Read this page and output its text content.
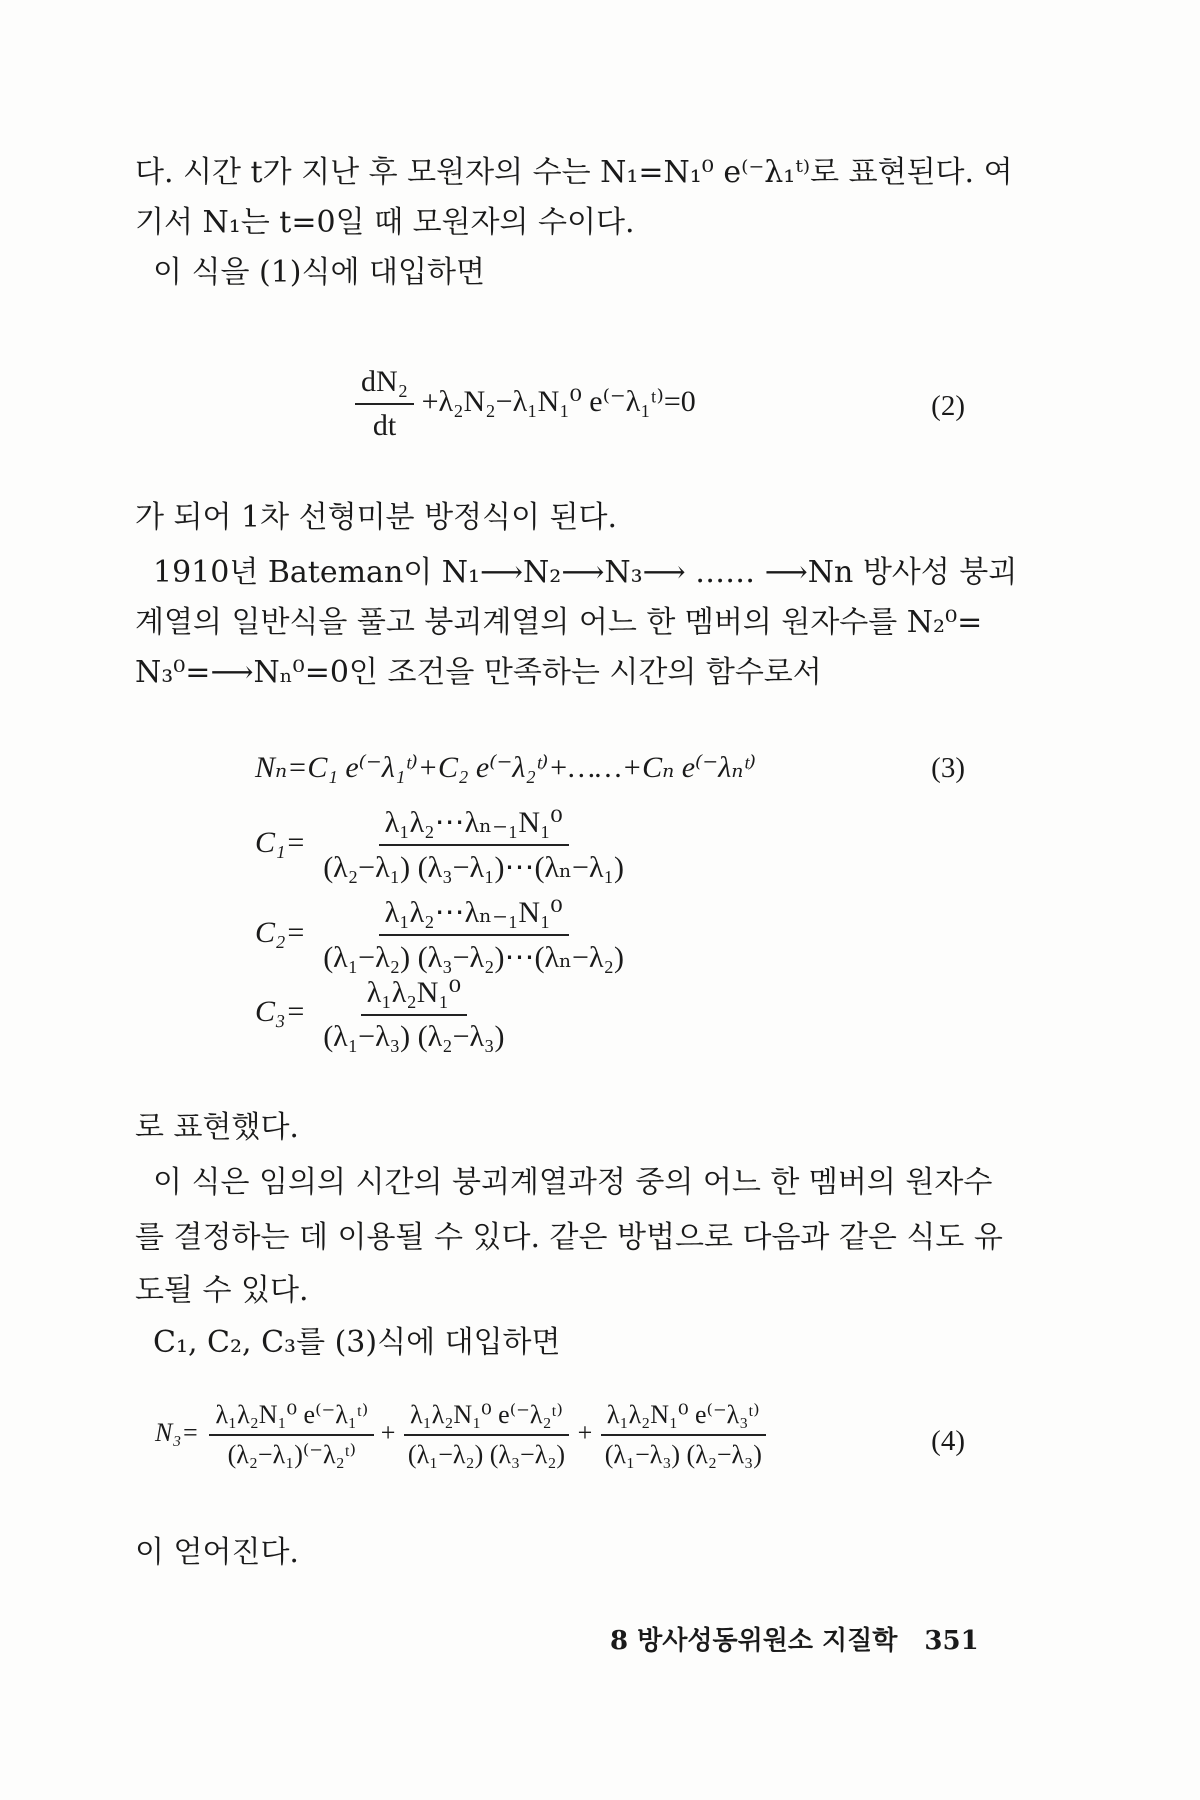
다. 시간 t가 지난 후 모원자의 수는 N₁=N₁⁰ e⁽⁻λ₁ᵗ⁾로 표현된다. 여
기서 N₁는 t=0일 때 모원자의 수이다.
이 식을 (1)식에 대입하면
$\frac{\text{dN₂}}{dt} +\lambda_2N_2-\lambda_1N_1^0$ e⁽⁻λ₁ᵗ⁾=0	(2)
가 되어 1차 선형미분 방정식이 된다.
1910년 Bateman이 N₁⟶N₂⟶N₃⟶ …… ⟶Nn 방사성 붕괴
계열의 일반식을 풀고 붕괴계열의 어느 한 멤버의 원자수를 N₂⁰=
N₃⁰=⟶Nₙ⁰=0인 조건을 만족하는 시간의 함수로서
Nₙ=C₁ e⁽⁻λ₁ᵗ⁾+C₂ e⁽⁻λ₂ᵗ⁾+……+Cₙ e⁽⁻λₙᵗ⁾	(3)
$C_1= \frac{\text{λ₁λ₂⋯λₙ₋₁N₁⁰}}{\text{(λ₂−λ₁) (λ₃−λ₁)⋯(λₙ−λ₁)}}$
$C_2= \frac{\text{λ₁λ₂⋯λₙ₋₁N₁⁰}}{\text{(λ₁−λ₂) (λ₃−λ₂)⋯(λₙ−λ₂)}}$
$C_3= \frac{\text{λ₁λ₂N₁⁰}}{\text{(λ₁−λ₃) (λ₂−λ₃)}}$
로 표현했다.
이 식은 임의의 시간의 붕괴계열과정 중의 어느 한 멤버의 원자수
를 결정하는 데 이용될 수 있다. 같은 방법으로 다음과 같은 식도 유
도될 수 있다.
C₁, C₂, C₃를 (3)식에 대입하면
$N_3= \frac{\text{λ₁λ₂N₁⁰ e⁽⁻λ₁ᵗ⁾}}{\text{(λ₂−λ₁)⁽⁻λ₂ᵗ⁾}} + \frac{\text{λ₁λ₂N₁⁰ e⁽⁻λ₂ᵗ⁾}}{\text{(λ₁−λ₂) (λ₃−λ₂)}} + \frac{\text{λ₁λ₂N₁⁰ e⁽⁻λ₃ᵗ⁾}}{\text{(λ₁−λ₃) (λ₂−λ₃)}}$	(4)
이 얻어진다.
8 방사성동위원소 지질학 351
